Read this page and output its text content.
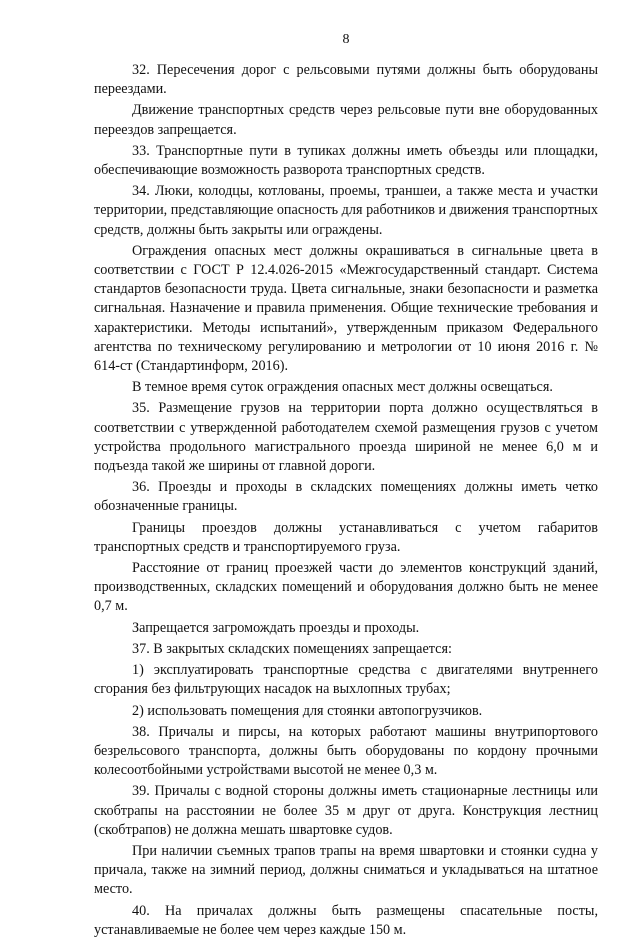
8

32. Пересечения дорог с рельсовыми путями должны быть оборудованы переездами.

Движение транспортных средств через рельсовые пути вне оборудованных переездов запрещается.

33. Транспортные пути в тупиках должны иметь объезды или площадки, обеспечивающие возможность разворота транспортных средств.

34. Люки, колодцы, котлованы, проемы, траншеи, а также места и участки территории, представляющие опасность для работников и движения транспортных средств, должны быть закрыты или ограждены.

Ограждения опасных мест должны окрашиваться в сигнальные цвета в соответствии с ГОСТ Р 12.4.026-2015 «Межгосударственный стандарт. Система стандартов безопасности труда. Цвета сигнальные, знаки безопасности и разметка сигнальная. Назначение и правила применения. Общие технические требования и характеристики. Методы испытаний», утвержденным приказом Федерального агентства по техническому регулированию и метрологии от 10 июня 2016 г. № 614-ст (Стандартинформ, 2016).

В темное время суток ограждения опасных мест должны освещаться.

35. Размещение грузов на территории порта должно осуществляться в соответствии с утвержденной работодателем схемой размещения грузов с учетом устройства продольного магистрального проезда шириной не менее 6,0 м и подъезда такой же ширины от главной дороги.

36. Проезды и проходы в складских помещениях должны иметь четко обозначенные границы.

Границы проездов должны устанавливаться с учетом габаритов транспортных средств и транспортируемого груза.

Расстояние от границ проезжей части до элементов конструкций зданий, производственных, складских помещений и оборудования должно быть не менее 0,7 м.

Запрещается загромождать проезды и проходы.

37. В закрытых складских помещениях запрещается:

1) эксплуатировать транспортные средства с двигателями внутреннего сгорания без фильтрующих насадок на выхлопных трубах;

2) использовать помещения для стоянки автопогрузчиков.

38. Причалы и пирсы, на которых работают машины внутрипортового безрельсового транспорта, должны быть оборудованы по кордону прочными колесоотбойными устройствами высотой не менее 0,3 м.

39. Причалы с водной стороны должны иметь стационарные лестницы или скобтрапы на расстоянии не более 35 м друг от друга. Конструкция лестниц (скобтрапов) не должна мешать швартовке судов.

При наличии съемных трапов трапы на время швартовки и стоянки судна у причала, также на зимний период, должны сниматься и укладываться на штатное место.

40. На причалах должны быть размещены спасательные посты, устанавливаемые не более чем через каждые 150 м.
